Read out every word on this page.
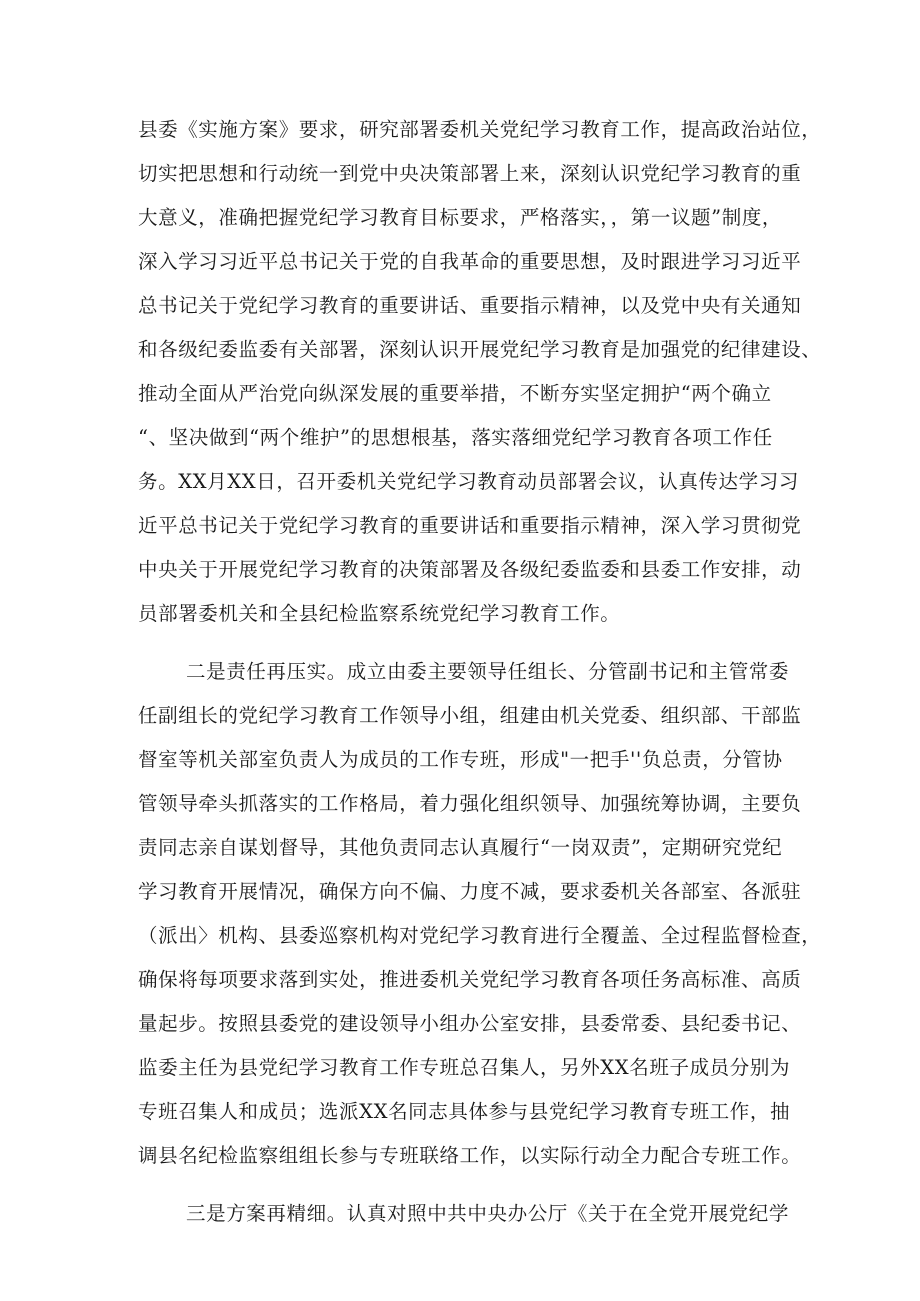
县委《实施方案》要求，研究部署委机关党纪学习教育工作，提高政治站位，
切实把思想和行动统一到党中央决策部署上来，深刻认识党纪学习教育的重
大意义，准确把握党纪学习教育目标要求，严格落实，，第一议题”制度，
深入学习习近平总书记关于党的自我革命的重要思想，及时跟进学习习近平
总书记关于党纪学习教育的重要讲话、重要指示精神，以及党中央有关通知
和各级纪委监委有关部署，深刻认识开展党纪学习教育是加强党的纪律建设、
推动全面从严治党向纵深发展的重要举措，不断夯实坚定拥护“两个确立
“、坚决做到“两个维护”的思想根基，落实落细党纪学习教育各项工作任
务。XX月XX日，召开委机关党纪学习教育动员部署会议，认真传达学习习
近平总书记关于党纪学习教育的重要讲话和重要指示精神，深入学习贯彻党
中央关于开展党纪学习教育的决策部署及各级纪委监委和县委工作安排，动
员部署委机关和全县纪检监察系统党纪学习教育工作。
二是责任再压实。成立由委主要领导任组长、分管副书记和主管常委
任副组长的党纪学习教育工作领导小组，组建由机关党委、组织部、干部监
督室等机关部室负责人为成员的工作专班，形成"一把手''负总责，分管协
管领导牵头抓落实的工作格局，着力强化组织领导、加强统筹协调，主要负
责同志亲自谋划督导，其他负责同志认真履行“一岗双责”，定期研究党纪
学习教育开展情况，确保方向不偏、力度不减，要求委机关各部室、各派驻
（派出〉机构、县委巡察机构对党纪学习教育进行全覆盖、全过程监督检查，
确保将每项要求落到实处，推进委机关党纪学习教育各项任务高标准、高质
量起步。按照县委党的建设领导小组办公室安排，县委常委、县纪委书记、
监委主任为县党纪学习教育工作专班总召集人，另外XX名班子成员分别为
专班召集人和成员；选派XX名同志具体参与县党纪学习教育专班工作，抽
调县名纪检监察组组长参与专班联络工作，以实际行动全力配合专班工作。
三是方案再精细。认真对照中共中央办公厅《关于在全党开展党纪学
